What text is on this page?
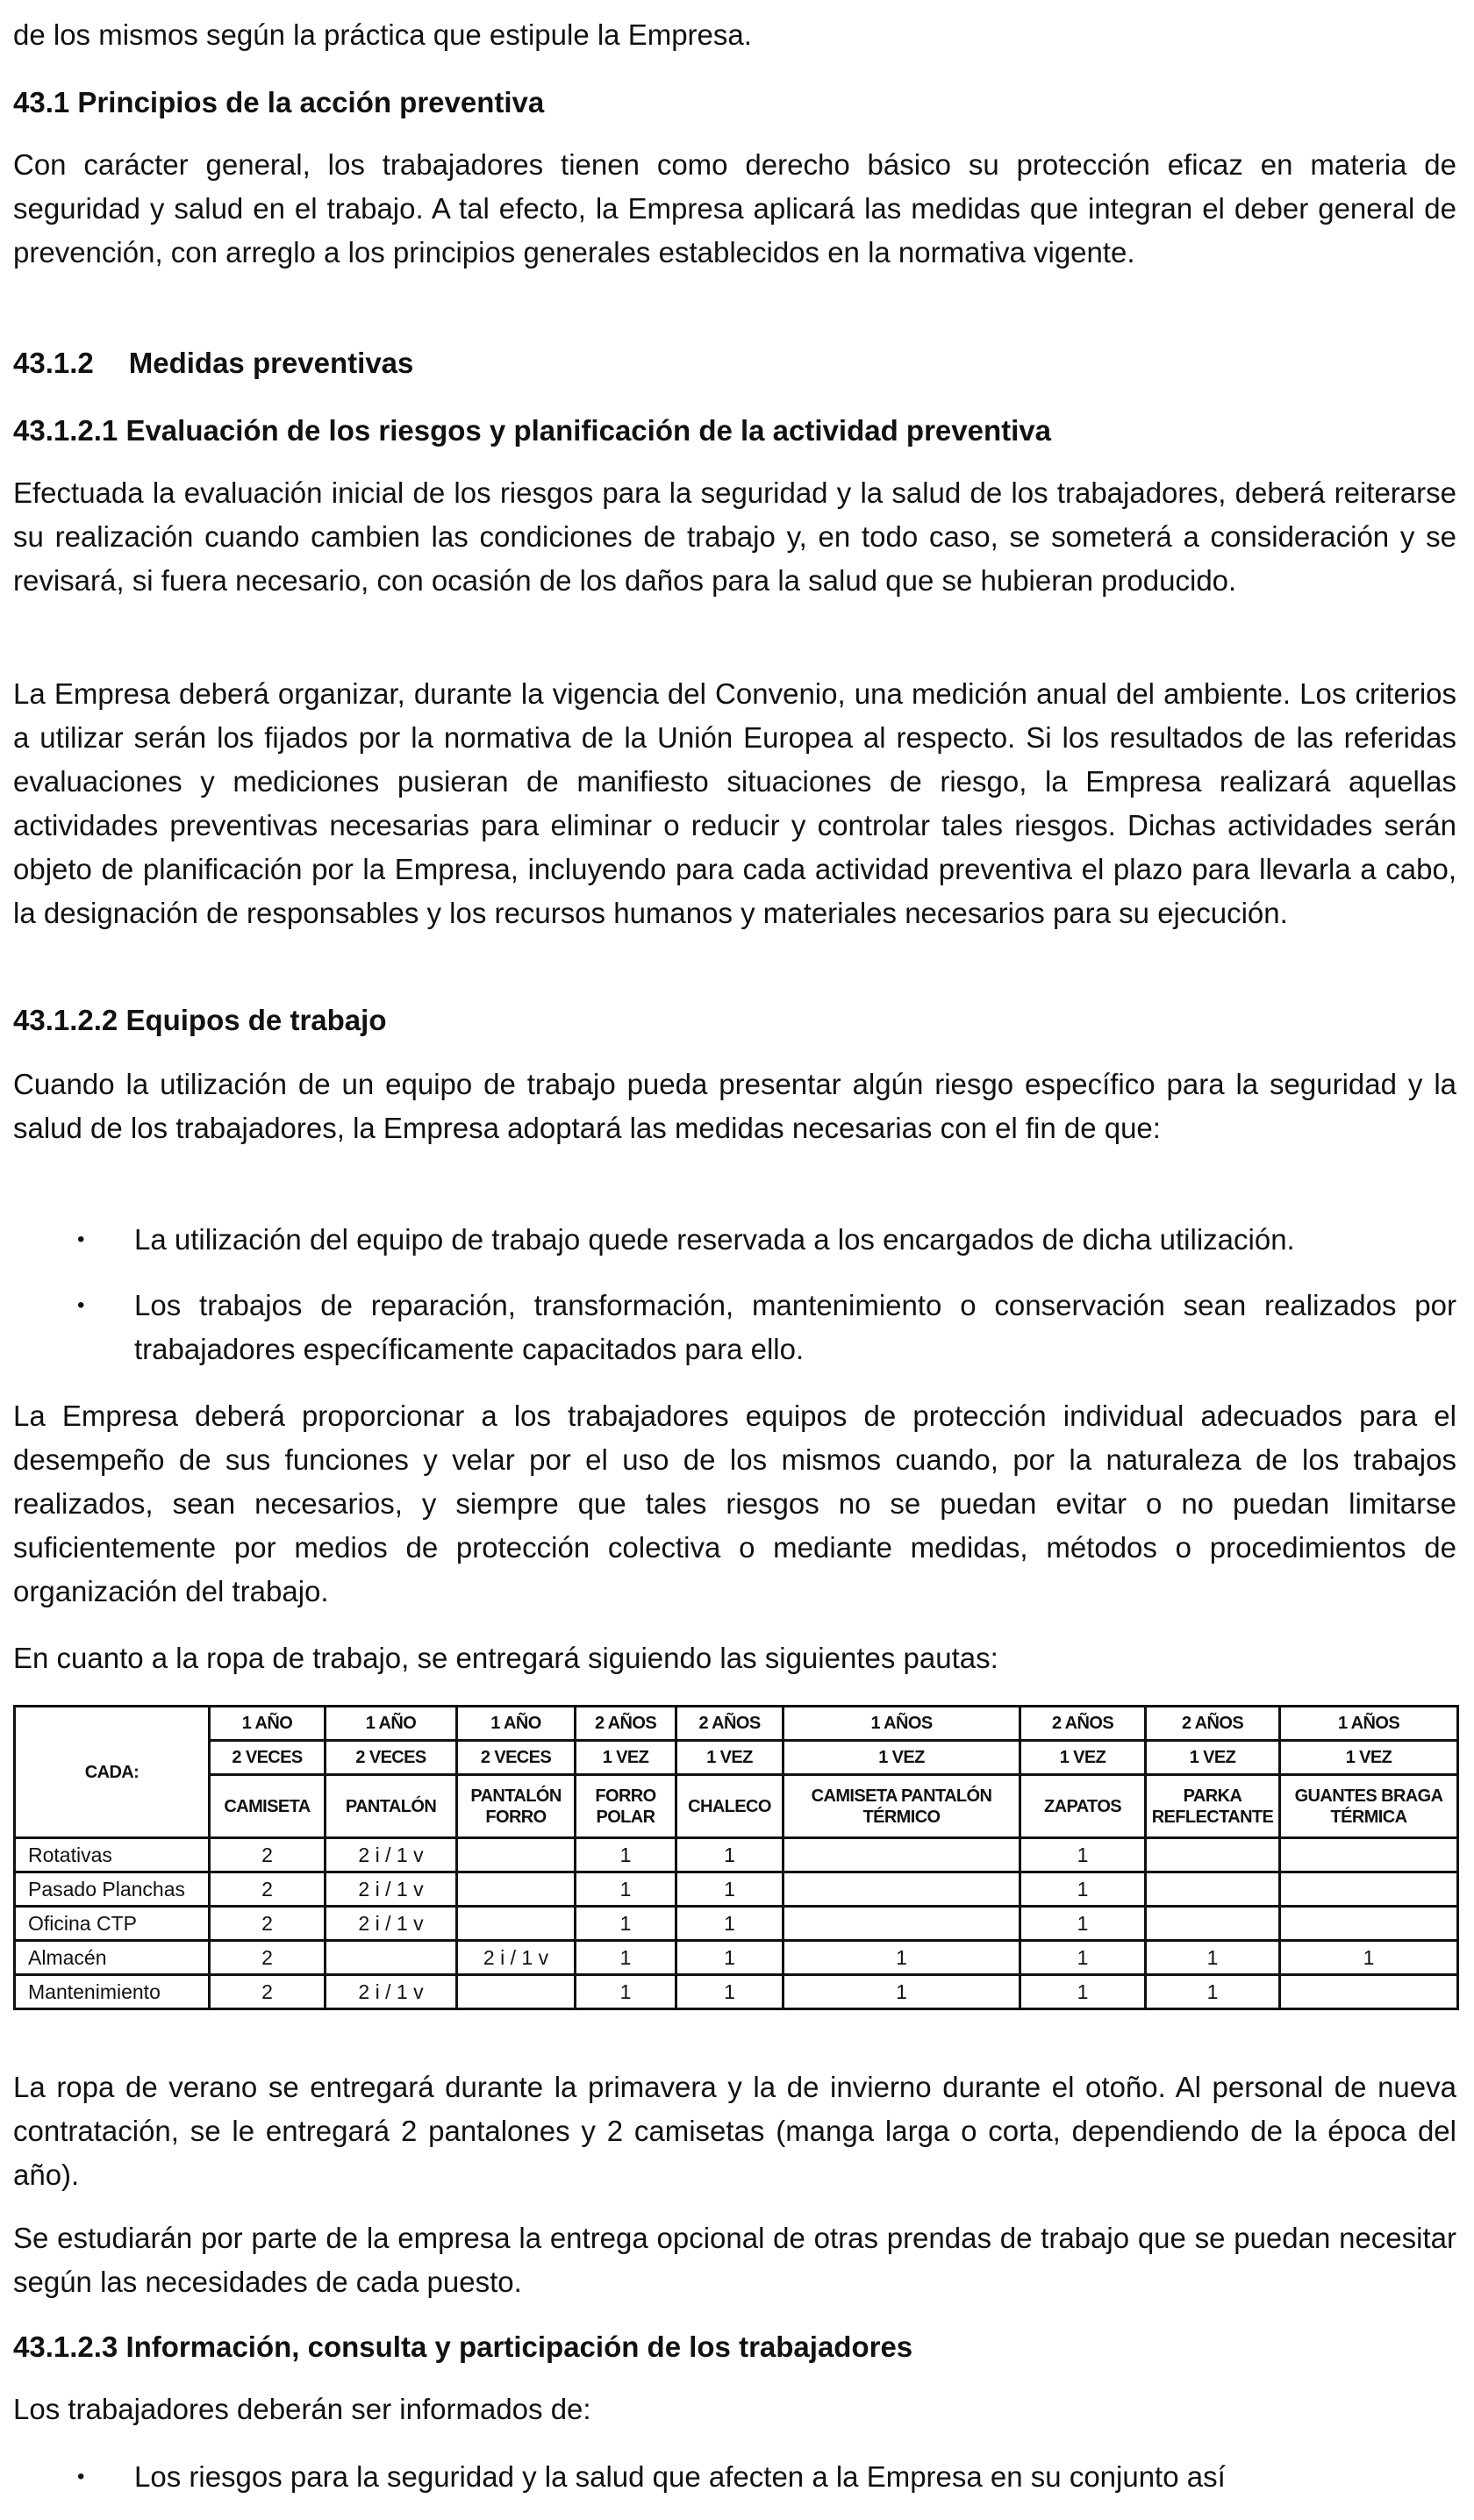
de los mismos según la práctica que estipule la Empresa.

43.1 Principios de la acción preventiva

Con carácter general, los trabajadores tienen como derecho básico su protección eficaz en materia de seguridad y salud en el trabajo. A tal efecto, la Empresa aplicará las medidas que integran el deber general de prevención, con arreglo a los principios generales establecidos en la normativa vigente.

43.1.2 Medidas preventivas

43.1.2.1 Evaluación de los riesgos y planificación de la actividad preventiva

Efectuada la evaluación inicial de los riesgos para la seguridad y la salud de los trabajadores, deberá reiterarse su realización cuando cambien las condiciones de trabajo y, en todo caso, se someterá a consideración y se revisará, si fuera necesario, con ocasión de los daños para la salud que se hubieran producido.

La Empresa deberá organizar, durante la vigencia del Convenio, una medición anual del ambiente. Los criterios a utilizar serán los fijados por la normativa de la Unión Europea al respecto. Si los resultados de las referidas evaluaciones y mediciones pusieran de manifiesto situaciones de riesgo, la Empresa realizará aquellas actividades preventivas necesarias para eliminar o reducir y controlar tales riesgos. Dichas actividades serán objeto de planificación por la Empresa, incluyendo para cada actividad preventiva el plazo para llevarla a cabo, la designación de responsables y los recursos humanos y materiales necesarios para su ejecución.

43.1.2.2 Equipos de trabajo

Cuando la utilización de un equipo de trabajo pueda presentar algún riesgo específico para la seguridad y la salud de los trabajadores, la Empresa adoptará las medidas necesarias con el fin de que:

• La utilización del equipo de trabajo quede reservada a los encargados de dicha utilización.
• Los trabajos de reparación, transformación, mantenimiento o conservación sean realizados por trabajadores específicamente capacitados para ello.

La Empresa deberá proporcionar a los trabajadores equipos de protección individual adecuados para el desempeño de sus funciones y velar por el uso de los mismos cuando, por la naturaleza de los trabajos realizados, sean necesarios, y siempre que tales riesgos no se puedan evitar o no puedan limitarse suficientemente por medios de protección colectiva o mediante medidas, métodos o procedimientos de organización del trabajo.

En cuanto a la ropa de trabajo, se entregará siguiendo las siguientes pautas:

CADA:	1 AÑO	1 AÑO	1 AÑO	2 AÑOS	2 AÑOS	1 AÑOS	2 AÑOS	2 AÑOS	1 AÑOS
	2 VECES	2 VECES	2 VECES	1 VEZ	1 VEZ	1 VEZ	1 VEZ	1 VEZ	1 VEZ
	CAMISETA	PANTALÓN	PANTALÓN FORRO	FORRO POLAR	CHALECO	CAMISETA PANTALÓN TÉRMICO	ZAPATOS	PARKA REFLECTANTE	GUANTES BRAGA TÉRMICA
Rotativas	2	2 i / 1 v		1	1		1		
Pasado Planchas	2	2 i / 1 v		1	1		1		
Oficina CTP	2	2 i / 1 v		1	1		1		
Almacén	2		2 i / 1 v	1	1	1	1	1	1
Mantenimiento	2	2 i / 1 v		1	1	1	1	1	

La ropa de verano se entregará durante la primavera y la de invierno durante el otoño. Al personal de nueva contratación, se le entregará 2 pantalones y 2 camisetas (manga larga o corta, dependiendo de la época del año).

Se estudiarán por parte de la empresa la entrega opcional de otras prendas de trabajo que se puedan necesitar según las necesidades de cada puesto.

43.1.2.3 Información, consulta y participación de los trabajadores

Los trabajadores deberán ser informados de:

• Los riesgos para la seguridad y la salud que afecten a la Empresa en su conjunto así
